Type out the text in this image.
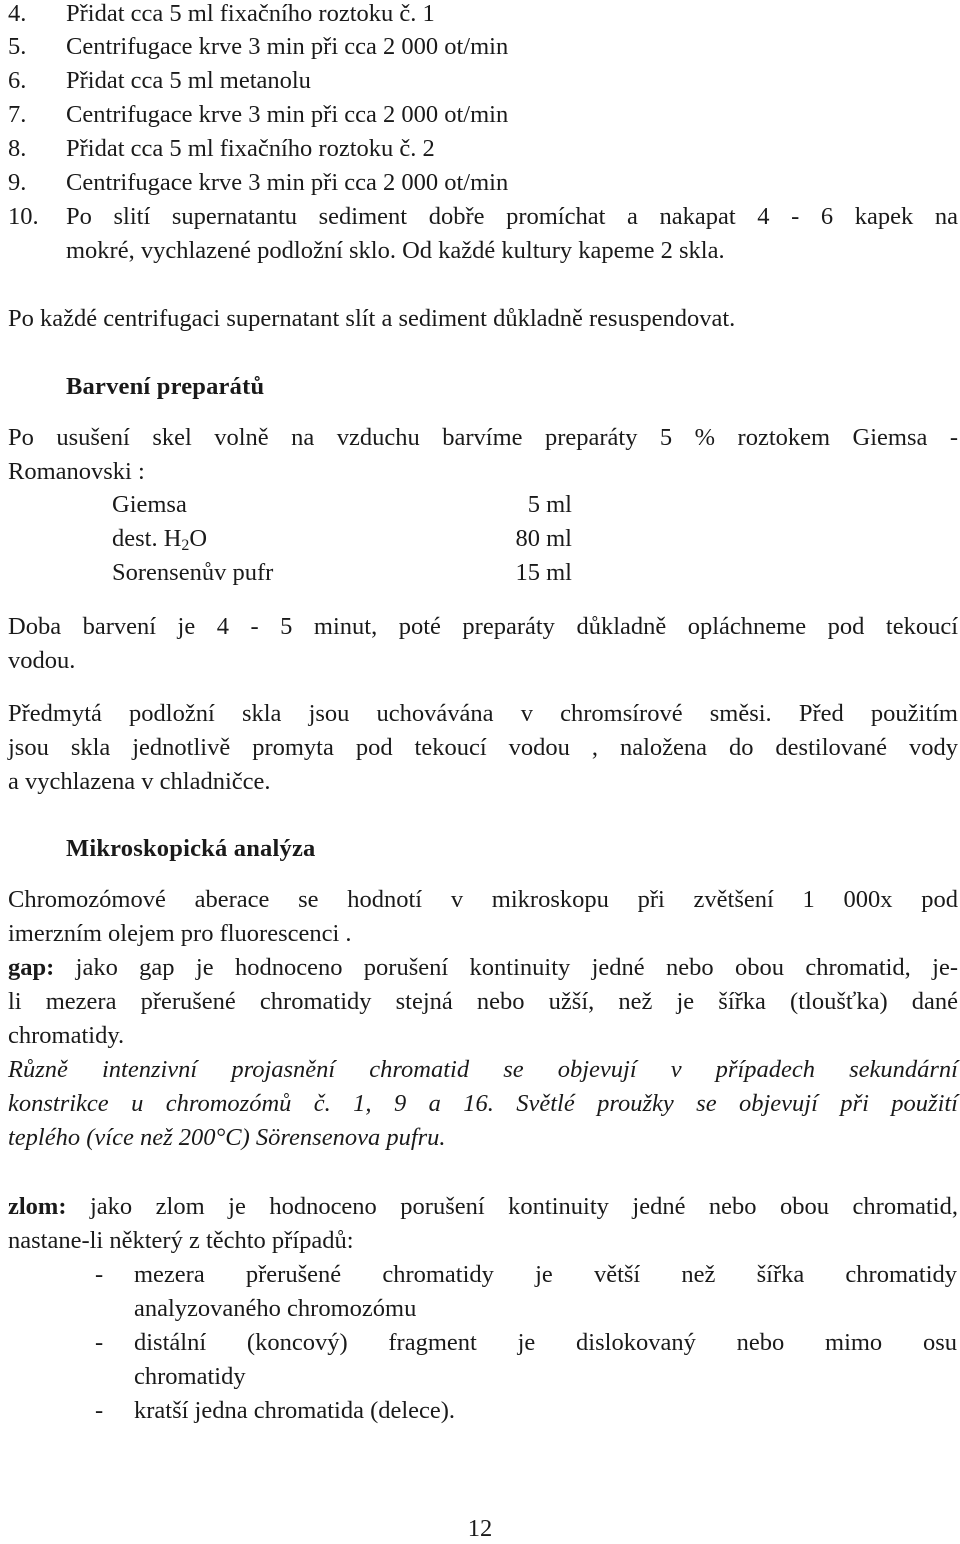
4. Přidat cca 5 ml fixačního roztoku č. 1
5. Centrifugace krve 3 min při cca 2 000 ot/min
6. Přidat cca 5 ml metanolu
7. Centrifugace krve 3 min při cca 2 000 ot/min
8. Přidat cca 5 ml fixačního roztoku č. 2
9. Centrifugace krve 3 min při cca 2 000 ot/min
10. Po slití supernatantu sediment dobře promíchat a nakapat 4 - 6 kapek na
mokré, vychlazené podložní sklo. Od každé kultury kapeme 2 skla.
Po každé centrifugaci supernatant slít a sediment důkladně resuspendovat.
Barvení preparátů
Po usušení skel volně na vzduchu barvíme preparáty 5 % roztokem Giemsa -
Romanovski :
Giemsa	5 ml
dest. $H_2O$	80 ml
Sorensenův pufr	15 ml
Doba barvení je 4 - 5 minut, poté preparáty důkladně opláchneme pod tekoucí
vodou.
Předmytá podložní skla jsou uchovávána v chromsírové směsi. Před použitím
jsou skla jednotlivě promyta pod tekoucí vodou , naložena do destilované vody
a vychlazena v chladničce.
Mikroskopická analýza
Chromozómové aberace se hodnotí v mikroskopu při zvětšení 1 000x pod
imerzním olejem pro fluorescenci .
gap: jako gap je hodnoceno porušení kontinuity jedné nebo obou chromatid, je-
li mezera přerušené chromatidy stejná nebo užší, než je šířka (tloušťka) dané
chromatidy.
Různě intenzivní projasnění chromatid se objevují v případech sekundární
konstrikce u chromozómů č. 1, 9 a 16. Světlé proužky se objevují při použití
teplého (více než 200°C) Sörensenova pufru.
zlom: jako zlom je hodnoceno porušení kontinuity jedné nebo obou chromatid,
nastane-li některý z těchto případů:
- mezera přerušené chromatidy je větší než šířka chromatidy
analyzovaného chromozómu
- distální (koncový) fragment je dislokovaný nebo mimo osu
chromatidy
- kratší jedna chromatida (delece).
12
